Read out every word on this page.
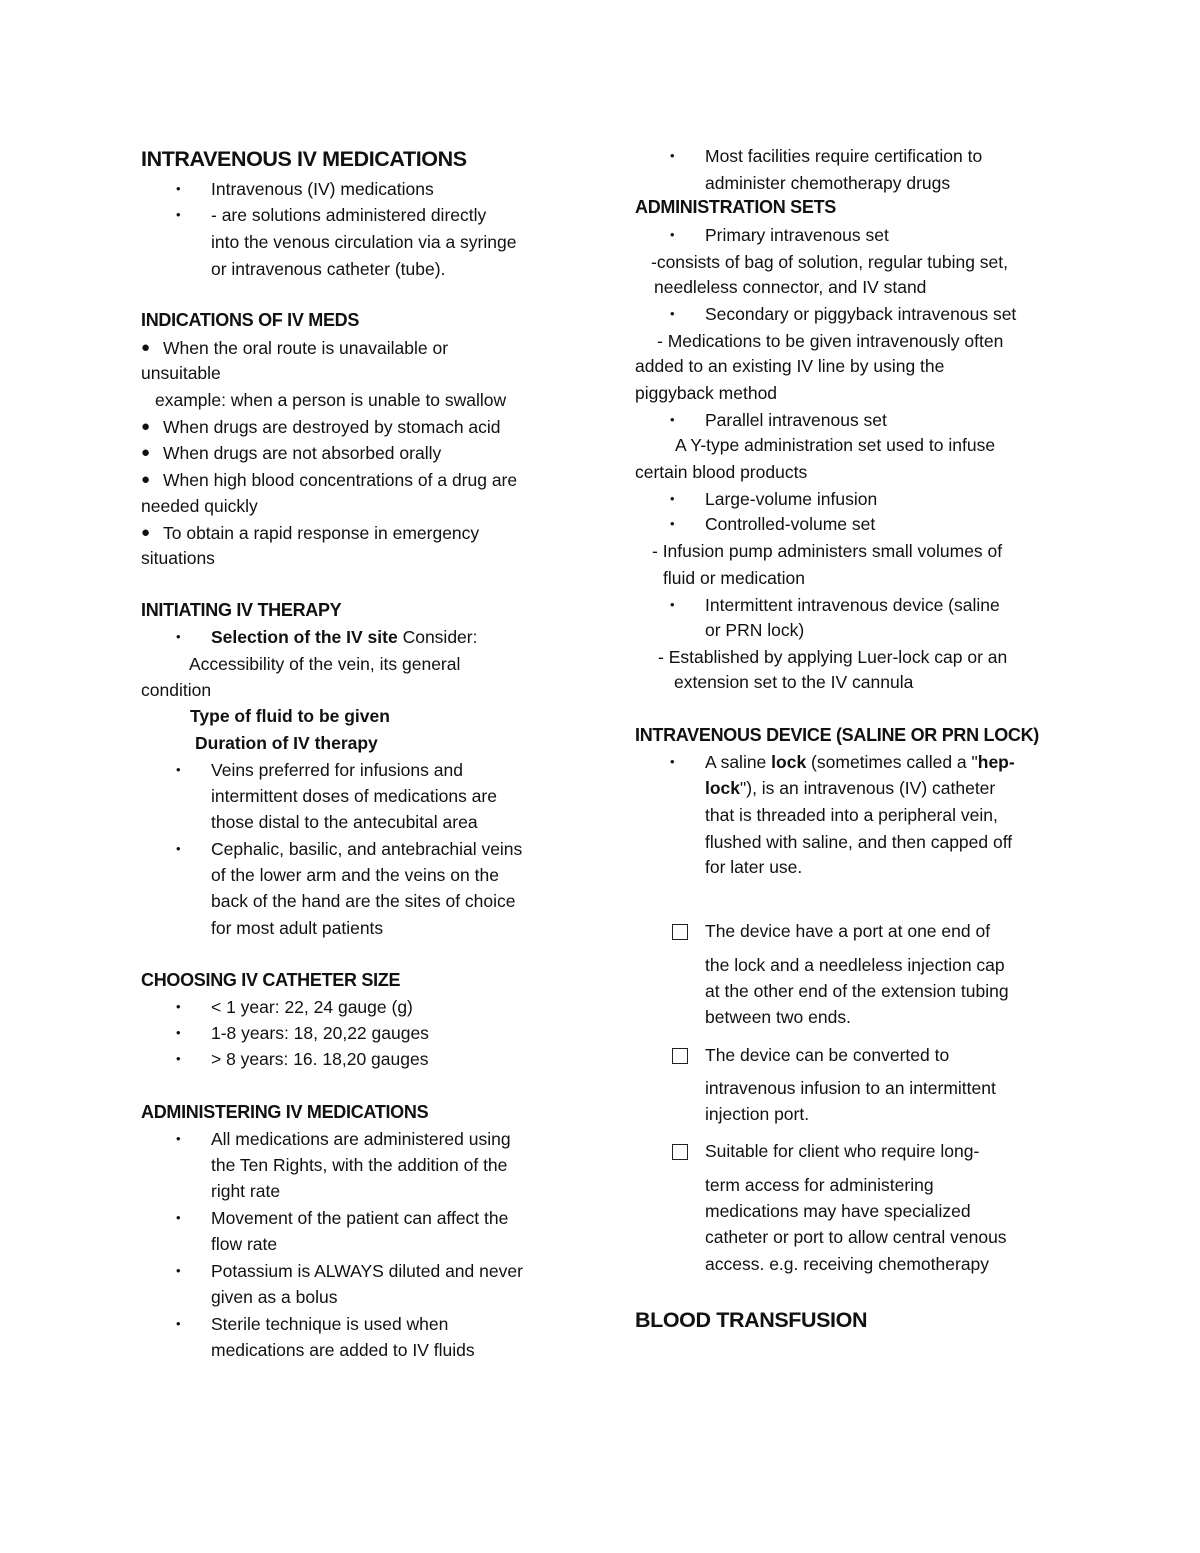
INTRAVENOUS IV MEDICATIONS
• Intravenous (IV) medications
• - are solutions administered directly
into the venous circulation via a syringe
or intravenous catheter (tube).
INDICATIONS OF IV MEDS
● When the oral route is unavailable or
unsuitable
example: when a person is unable to swallow
● When drugs are destroyed by stomach acid
● When drugs are not absorbed orally
● When high blood concentrations of a drug are
needed quickly
● To obtain a rapid response in emergency
situations
INITIATING IV THERAPY
• Selection of the IV site Consider:
Accessibility of the vein, its general
condition
Type of fluid to be given
Duration of IV therapy
• Veins preferred for infusions and
intermittent doses of medications are
those distal to the antecubital area
• Cephalic, basilic, and antebrachial veins
of the lower arm and the veins on the
back of the hand are the sites of choice
for most adult patients
CHOOSING IV CATHETER SIZE
• < 1 year: 22, 24 gauge (g)
• 1-8 years: 18, 20,22 gauges
• > 8 years: 16. 18,20 gauges
ADMINISTERING IV MEDICATIONS
• All medications are administered using
the Ten Rights, with the addition of the
right rate
• Movement of the patient can affect the
flow rate
• Potassium is ALWAYS diluted and never
given as a bolus
• Sterile technique is used when
medications are added to IV fluids
• Most facilities require certification to
administer chemotherapy drugs
ADMINISTRATION SETS
• Primary intravenous set
-consists of bag of solution, regular tubing set,
needleless connector, and IV stand
• Secondary or piggyback intravenous set
- Medications to be given intravenously often
added to an existing IV line by using the
piggyback method
• Parallel intravenous set
A Y-type administration set used to infuse
certain blood products
• Large-volume infusion
• Controlled-volume set
- Infusion pump administers small volumes of
fluid or medication
• Intermittent intravenous device (saline
or PRN lock)
- Established by applying Luer-lock cap or an
extension set to the IV cannula
INTRAVENOUS DEVICE (SALINE OR PRN LOCK)
• A saline lock (sometimes called a "hep-
lock"), is an intravenous (IV) catheter
that is threaded into a peripheral vein,
flushed with saline, and then capped off
for later use.
The device have a port at one end of
the lock and a needleless injection cap
at the other end of the extension tubing
between two ends.
The device can be converted to
intravenous infusion to an intermittent
injection port.
Suitable for client who require long-
term access for administering
medications may have specialized
catheter or port to allow central venous
access. e.g. receiving chemotherapy
BLOOD TRANSFUSION
